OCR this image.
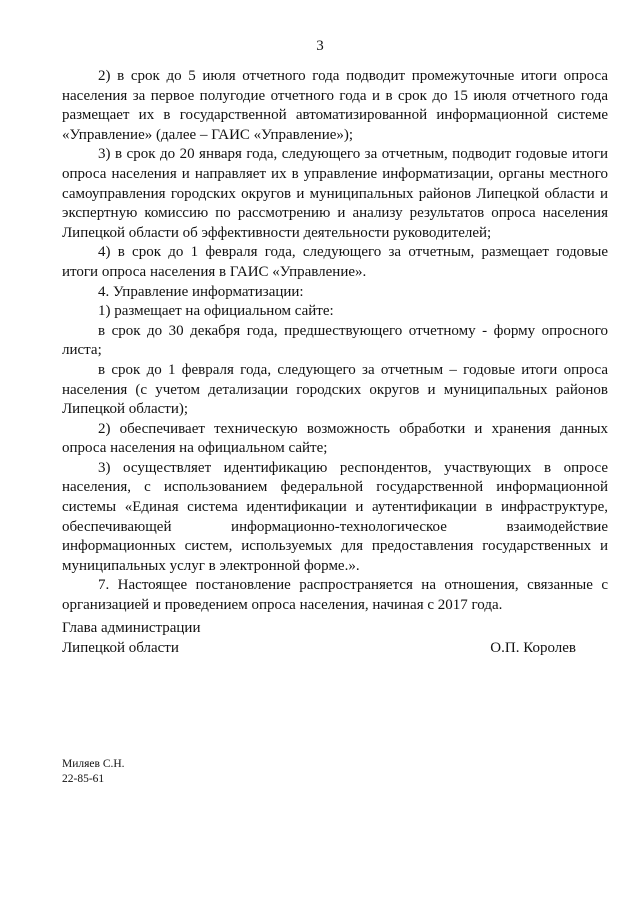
3

2) в срок до 5 июля отчетного года подводит промежуточные итоги опроса населения за первое полугодие отчетного года и в срок до 15 июля отчетного года размещает их в государственной автоматизированной информационной системе «Управление» (далее – ГАИС «Управление»);

3) в срок до 20 января года, следующего за отчетным, подводит годовые итоги опроса населения и направляет их в управление информатизации, органы местного самоуправления городских округов и муниципальных районов Липецкой области и экспертную комиссию по рассмотрению и анализу результатов опроса населения Липецкой области об эффективности деятельности руководителей;

4) в срок до 1 февраля года, следующего за отчетным, размещает годовые итоги опроса населения в ГАИС «Управление».

4. Управление информатизации:

1) размещает на официальном сайте:

в срок до 30 декабря года, предшествующего отчетному - форму опросного листа;

в срок до 1 февраля года, следующего за отчетным – годовые итоги опроса населения (с учетом детализации городских округов и муниципальных районов Липецкой области);

2) обеспечивает техническую возможность обработки и хранения данных опроса населения на официальном сайте;

3) осуществляет идентификацию респондентов, участвующих в опросе населения, с использованием федеральной государственной информационной системы «Единая система идентификации и аутентификации в инфраструктуре, обеспечивающей информационно-технологическое взаимодействие информационных систем, используемых для предоставления государственных и муниципальных услуг в электронной форме.».

7. Настоящее постановление распространяется на отношения, связанные с организацией и проведением опроса населения, начиная с 2017 года.

Глава администрации
Липецкой области	О.П. Королев
Миляев С.Н.
22-85-61
